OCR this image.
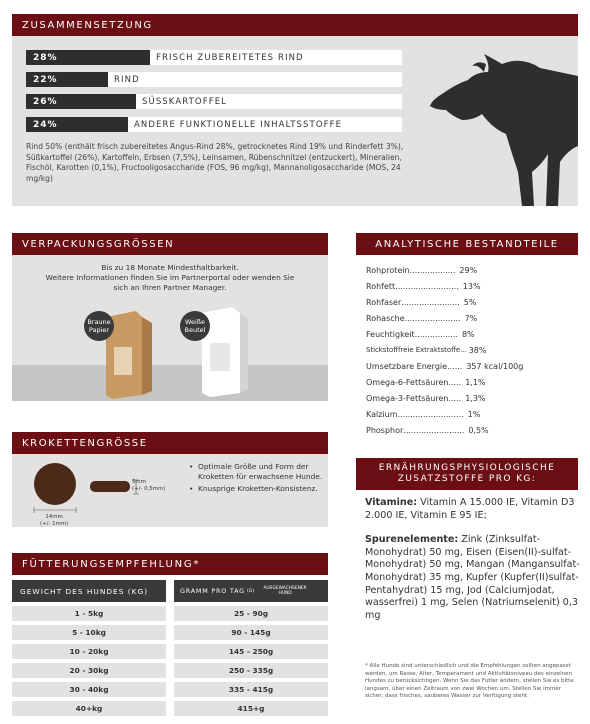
ZUSAMMENSETZUNG
28%	FRISCH ZUBEREITETES RIND
22%	RIND
26%	SÜSSKARTOFFEL
24%	ANDERE FUNKTIONELLE INHALTSSTOFFE
Rind 50% (enthält frisch zubereitetes Angus-Rind 28%, getrocknetes Rind 19% und Rinderfett 3%), Süßkartoffel (26%), Kartoffeln, Erbsen (7,5%), Leinsamen, Rübenschnitzel (entzuckert), Mineralien, Fischöl, Karotten (0,1%), Fructooligosaccharide (FOS, 96 mg/kg), Mannanoligosaccharide (MOS, 24 mg/kg)
VERPACKUNGSGRÖSSEN
Bis zu 18 Monate Mindesthaltbarkeit.
Weitere Informationen finden Sie im Partnerportal oder wenden Sie sich an Ihren Partner Manager.
Braune Papier
Weiße Beutel
KROKETTENGRÖSSE
5mm
(+/- 0,5mm)
14mm
(+/- 1mm)
• Optimale Größe und Form der Kroketten für erwachsene Hunde.
• Knusprige Kroketten-Konsistenz.
FÜTTERUNGSEMPFEHLUNG*
GEWICHT DES HUNDES (KG)	GRAMM PRO TAG (G)
AUSGEWACHSENER HUND
1 - 5kg	25 - 90g
5 - 10kg	90 - 145g
10 - 20kg	145 - 250g
20 - 30kg	250 - 335g
30 - 40kg	335 - 415g
40+kg	415+g
ANALYTISCHE BESTANDTEILE
Rohprotein .................. 29%
Rohfett ......................... 13%
Rohfaser ....................... 5%
Rohasche ...................... 7%
Feuchtigkeit ................. 8%
Stickstofffreie Extraktstoffe ... 38%
Umsetzbare Energie ...... 357 kcal/100g
Omega-6-Fettsäuren ..... 1,1%
Omega-3-Fettsäuren ..... 1,3%
Kalzium .......................... 1%
Phosphor ........................ 0,5%
ERNÄHRUNGSPHYSIOLOGISCHE
ZUSATZSTOFFE PRO KG:

Vitamine: Vitamin A 15.000 IE, Vitamin D3 2.000 IE, Vitamin E 95 IE;

Spurenelemente: Zink (Zinksulfat-Monohydrat) 50 mg, Eisen (Eisen(II)-sulfat-Monohydrat) 50 mg, Mangan (Mangansulfat-Monohydrat) 35 mg, Kupfer (Kupfer(II)sulfat-Pentahydrat) 15 mg, Jod (Calciumjodat, wasserfrei) 1 mg, Selen (Natriumselenit) 0,3 mg

* Alle Hunde sind unterschiedlich und die Empfehlungen sollten angepasst werden, um Rasse, Alter, Temperament und Aktivitätsniveau des einzelnen Hundes zu berücksichtigen. Wenn Sie das Futter ändern, stellen Sie es bitte langsam, über einen Zeitraum von zwei Wochen um. Stellen Sie immer sicher, dass frisches, sauberes Wasser zur Verfügung steht.
